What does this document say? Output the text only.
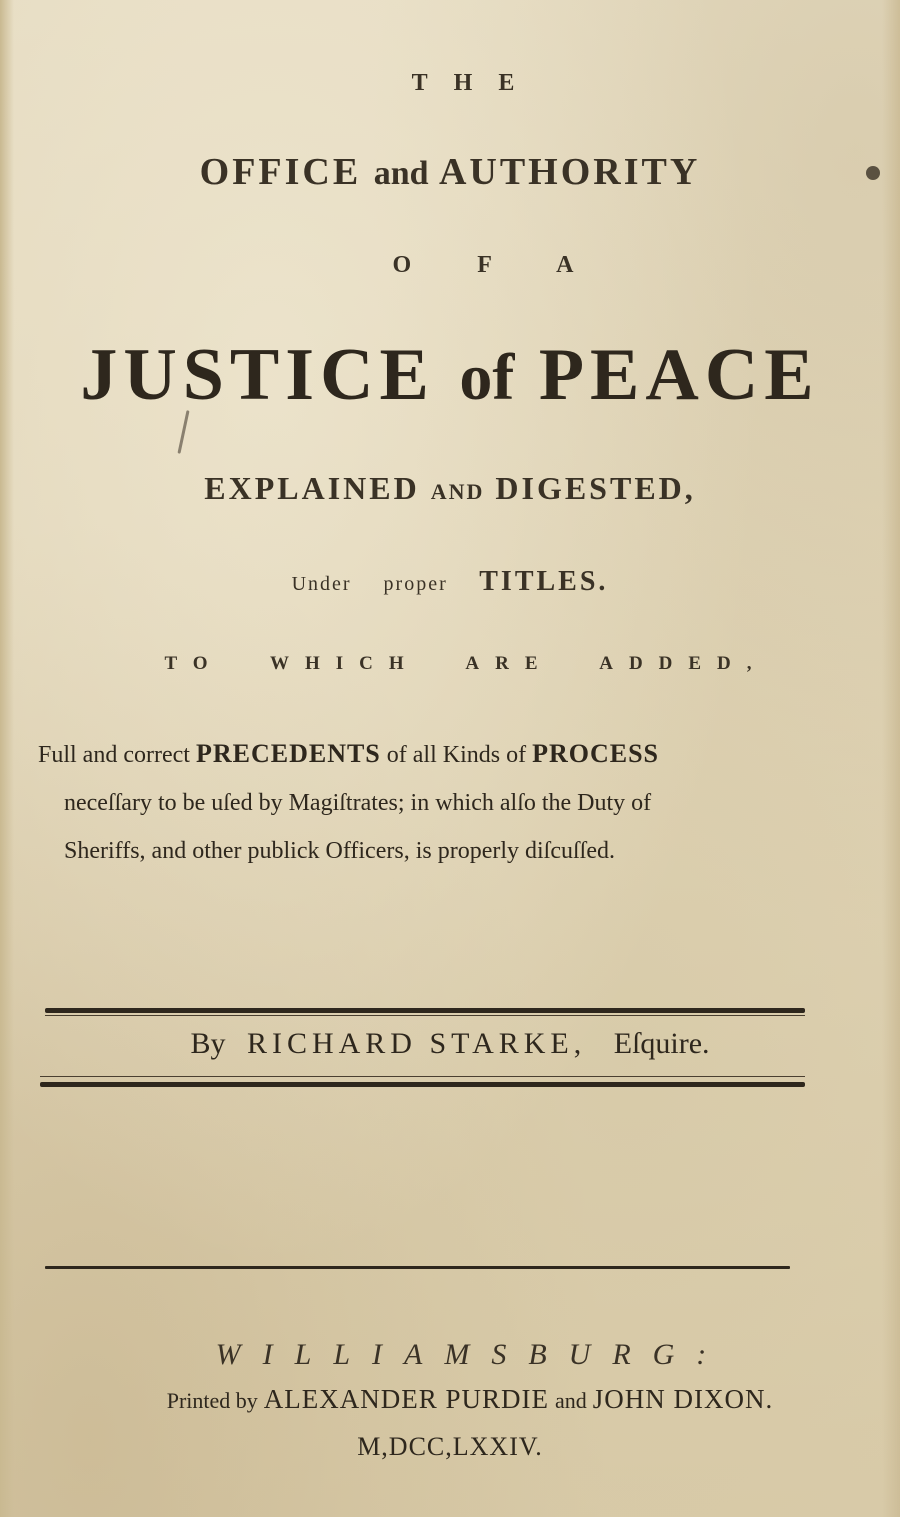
THE
OFFICE and AUTHORITY
OFA
JUSTICE of PEACE
EXPLAINED AND DIGESTED,
Under proper TITLES.
TO WHICH ARE ADDED,
Full and correct PRECEDENTS of all Kinds of PROCESS
neceſſary to be uſed by Magiſtrates; in which alſo the Duty of
Sheriffs, and other publick Officers, is properly diſcuſſed.
By RICHARD STARKE, Eſquire.
WILLIAMSBURG:
Printed by ALEXANDER PURDIE and JOHN DIXON.
M,DCC,LXXIV.
